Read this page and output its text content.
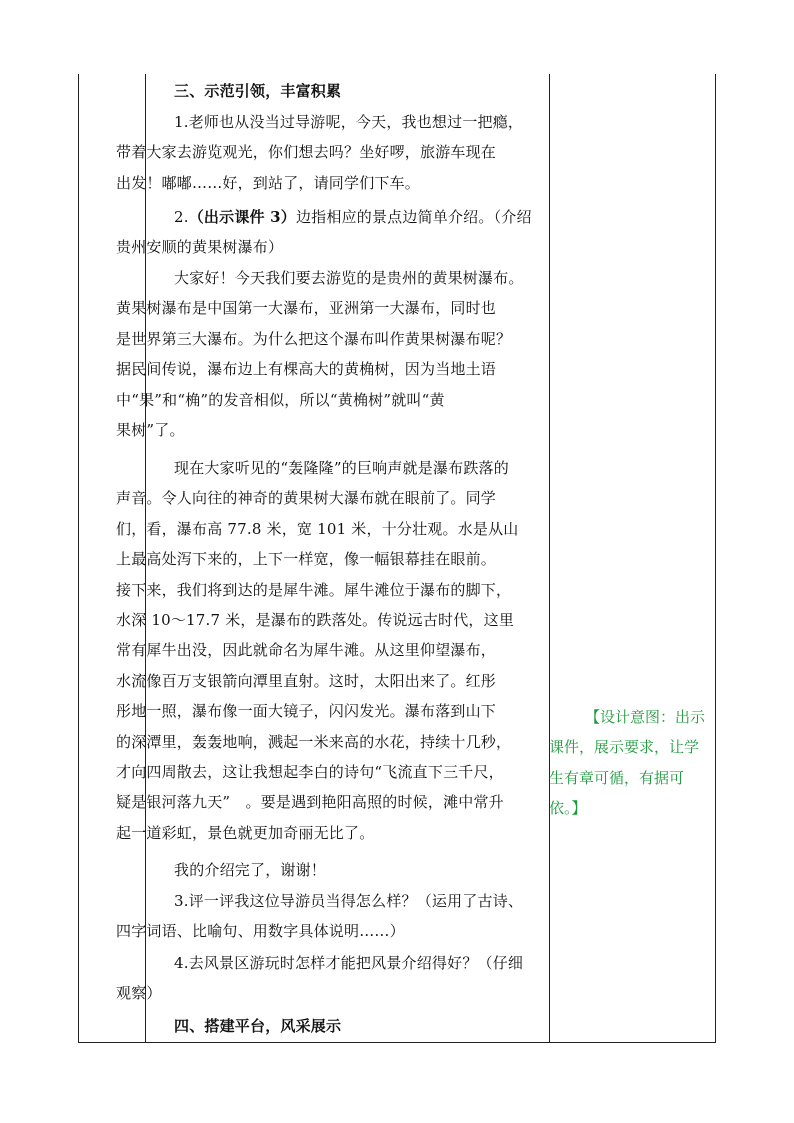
三、示范引领，丰富积累
1.老师也从没当过导游呢，今天，我也想过一把瘾，
带着大家去游览观光，你们想去吗？坐好啰，旅游车现在
出发！嘟嘟……好，到站了，请同学们下车。
2.（出示课件 3）边指相应的景点边简单介绍。（介绍
贵州安顺的黄果树瀑布）
大家好！今天我们要去游览的是贵州的黄果树瀑布。
黄果树瀑布是中国第一大瀑布，亚洲第一大瀑布，同时也
是世界第三大瀑布。为什么把这个瀑布叫作黄果树瀑布呢？
据民间传说，瀑布边上有棵高大的黄桷树，因为当地土语
中“果”和“桷”的发音相似，所以“黄桷树”就叫“黄
果树”了。
现在大家听见的“轰隆隆”的巨响声就是瀑布跌落的
声音。令人向往的神奇的黄果树大瀑布就在眼前了。同学
们，看，瀑布高 77.8 米，宽 101 米，十分壮观。水是从山
上最高处泻下来的，上下一样宽，像一幅银幕挂在眼前。
接下来，我们将到达的是犀牛滩。犀牛滩位于瀑布的脚下，
水深 10～17.7 米，是瀑布的跌落处。传说远古时代，这里
常有犀牛出没，因此就命名为犀牛滩。从这里仰望瀑布，
水流像百万支银箭向潭里直射。这时，太阳出来了。红彤
彤地一照，瀑布像一面大镜子，闪闪发光。瀑布落到山下
的深潭里，轰轰地响，溅起一米来高的水花，持续十几秒，
才向四周散去，这让我想起李白的诗句“飞流直下三千尺，
疑是银河落九天”　。要是遇到艳阳高照的时候，滩中常升
起一道彩虹，景色就更加奇丽无比了。
我的介绍完了，谢谢！
3.评一评我这位导游员当得怎么样？（运用了古诗、
四字词语、比喻句、用数字具体说明……）
4.去风景区游玩时怎样才能把风景介绍得好？（仔细
观察）
四、搭建平台，风采展示
【设计意图：出示
课件，展示要求，让学
生有章可循，有据可
依。】
